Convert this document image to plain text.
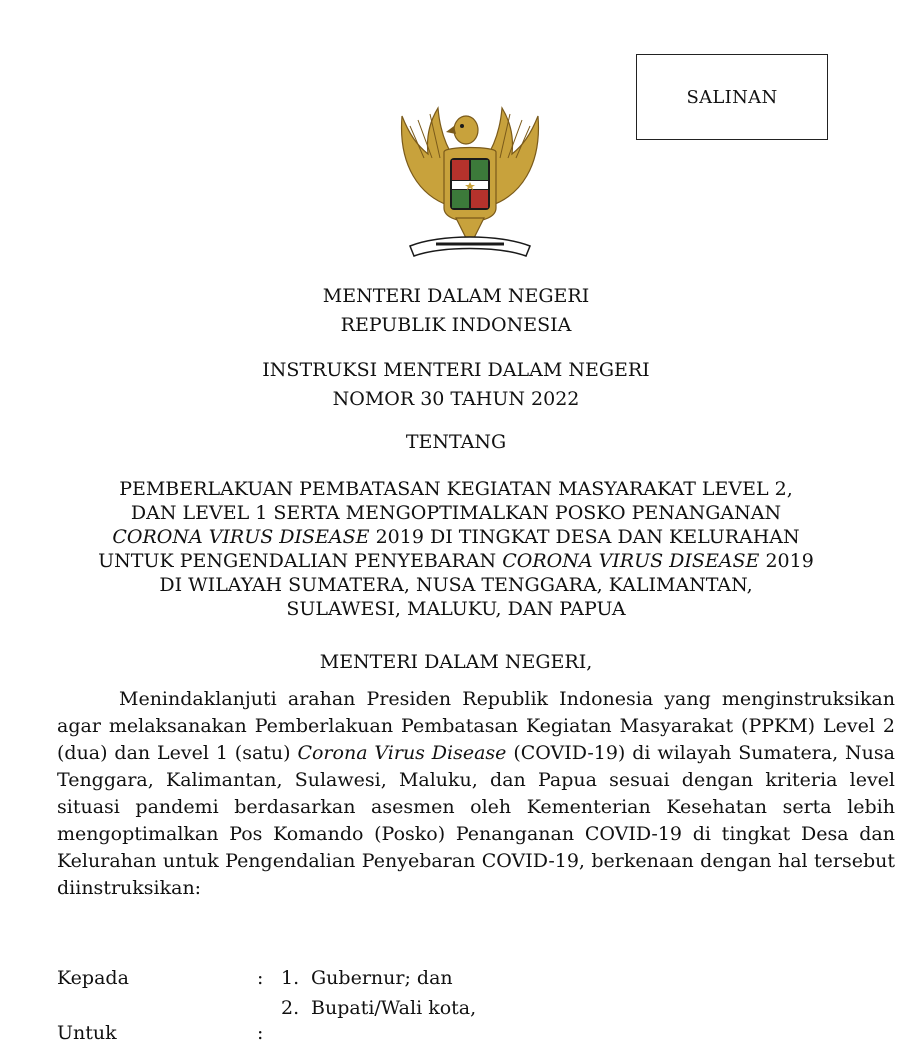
SALINAN
MENTERI DALAM NEGERI
REPUBLIK INDONESIA
INSTRUKSI MENTERI DALAM NEGERI
NOMOR 30 TAHUN 2022
TENTANG
PEMBERLAKUAN PEMBATASAN KEGIATAN MASYARAKAT LEVEL 2,
DAN LEVEL 1 SERTA MENGOPTIMALKAN POSKO PENANGANAN
CORONA VIRUS DISEASE 2019 DI TINGKAT DESA DAN KELURAHAN
UNTUK PENGENDALIAN PENYEBARAN CORONA VIRUS DISEASE 2019
DI WILAYAH SUMATERA, NUSA TENGGARA, KALIMANTAN,
SULAWESI, MALUKU, DAN PAPUA
MENTERI DALAM NEGERI,

Menindaklanjuti arahan Presiden Republik Indonesia yang menginstruksikan agar melaksanakan Pemberlakuan Pembatasan Kegiatan Masyarakat (PPKM) Level 2 (dua) dan Level 1 (satu) Corona Virus Disease (COVID-19) di wilayah Sumatera, Nusa Tenggara, Kalimantan, Sulawesi, Maluku, dan Papua sesuai dengan kriteria level situasi pandemi berdasarkan asesmen oleh Kementerian Kesehatan serta lebih mengoptimalkan Pos Komando (Posko) Penanganan COVID-19 di tingkat Desa dan Kelurahan untuk Pengendalian Penyebaran COVID-19, berkenaan dengan hal tersebut diinstruksikan:

Kepada	: 1. Gubernur; dan
2. Bupati/Wali kota,
Untuk	:
